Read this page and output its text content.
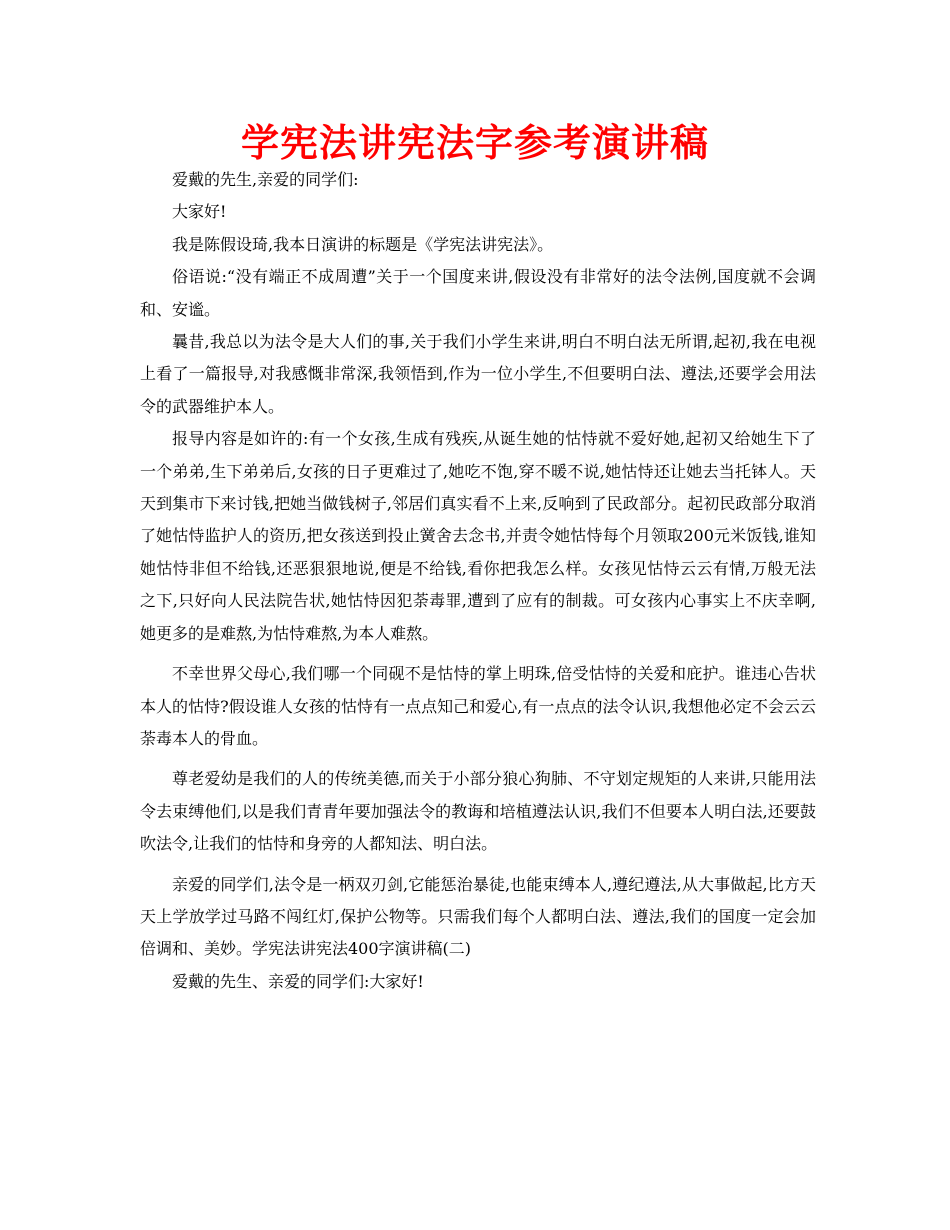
学宪法讲宪法字参考演讲稿

爱戴的先生,亲爱的同学们:

大家好!

我是陈假设琦,我本日演讲的标题是《学宪法讲宪法》。

俗语说:“没有端正不成周遭”关于一个国度来讲,假设没有非常好的法令法例,国度就不会调和、安谧。

曩昔,我总以为法令是大人们的事,关于我们小学生来讲,明白不明白法无所谓,起初,我在电视上看了一篇报导,对我感慨非常深,我领悟到,作为一位小学生,不但要明白法、遵法,还要学会用法令的武器维护本人。

报导内容是如许的:有一个女孩,生成有残疾,从诞生她的怙恃就不爱好她,起初又给她生下了一个弟弟,生下弟弟后,女孩的日子更难过了,她吃不饱,穿不暖不说,她怙恃还让她去当托钵人。天天到集市下来讨钱,把她当做钱树子,邻居们真实看不上来,反响到了民政部分。起初民政部分取消了她怙恃监护人的资历,把女孩送到投止黉舍去念书,并责令她怙恃每个月领取200元米饭钱,谁知她怙恃非但不给钱,还恶狠狠地说,便是不给钱,看你把我怎么样。女孩见怙恃云云有情,万般无法之下,只好向人民法院告状,她怙恃因犯荼毒罪,遭到了应有的制裁。可女孩内心事实上不庆幸啊,她更多的是难熬,为怙恃难熬,为本人难熬。

不幸世界父母心,我们哪一个同砚不是怙恃的掌上明珠,倍受怙恃的关爱和庇护。谁违心告状本人的怙恃?假设谁人女孩的怙恃有一点点知己和爱心,有一点点的法令认识,我想他必定不会云云荼毒本人的骨血。

尊老爱幼是我们的人的传统美德,而关于小部分狼心狗肺、不守划定规矩的人来讲,只能用法令去束缚他们,以是我们青青年要加强法令的教诲和培植遵法认识,我们不但要本人明白法,还要鼓吹法令,让我们的怙恃和身旁的人都知法、明白法。

亲爱的同学们,法令是一柄双刃剑,它能惩治暴徒,也能束缚本人,遵纪遵法,从大事做起,比方天天上学放学过马路不闯红灯,保护公物等。只需我们每个人都明白法、遵法,我们的国度一定会加倍调和、美妙。学宪法讲宪法400字演讲稿(二)

爱戴的先生、亲爱的同学们:大家好!
